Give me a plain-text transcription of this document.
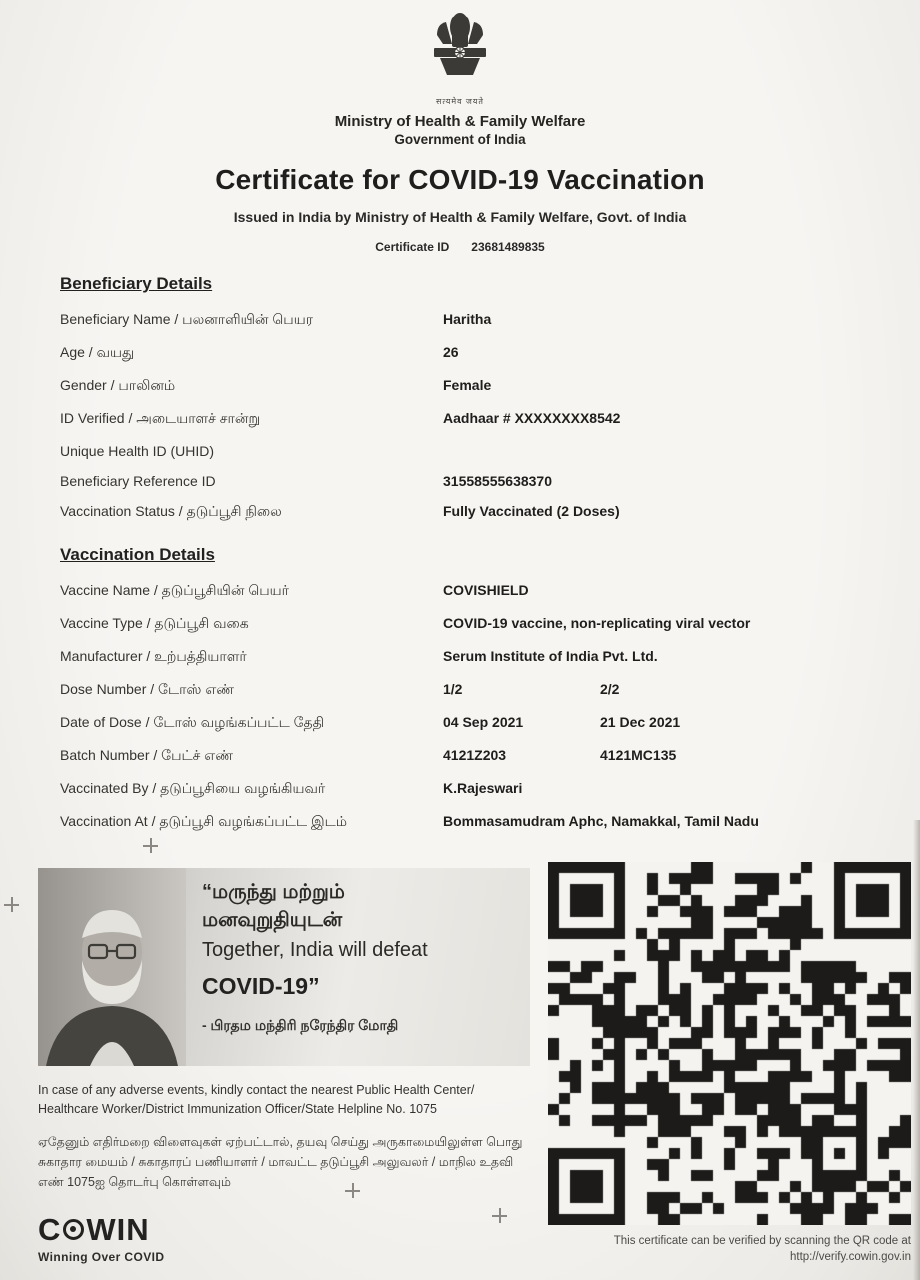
सत्यमेव जयते
Ministry of Health & Family Welfare
Government of India
Certificate for COVID-19 Vaccination
Issued in India by Ministry of Health & Family Welfare, Govt. of India
Certificate ID 23681489835
Beneficiary Details
Beneficiary Name / பலனாளியின் பெயர	Haritha
Age / வயது	26
Gender / பாலினம்	Female
ID Verified / அடையாளச் சான்று	Aadhaar # XXXXXXXX8542
Unique Health ID (UHID)
Beneficiary Reference ID	31558555638370
Vaccination Status / தடுப்பூசி நிலை	Fully Vaccinated (2 Doses)
Vaccination Details
Vaccine Name / தடுப்பூசியின் பெயர்	COVISHIELD
Vaccine Type / தடுப்பூசி வகை	COVID-19 vaccine, non-replicating viral vector
Manufacturer / உற்பத்தியாளர்	Serum Institute of India Pvt. Ltd.
Dose Number / டோஸ் எண்	1/2	2/2
Date of Dose / டோஸ் வழங்கப்பட்ட தேதி	04 Sep 2021	21 Dec 2021
Batch Number / பேட்ச் எண்	4121Z203	4121MC135
Vaccinated By / தடுப்பூசியை வழங்கியவர்	K.Rajeswari
Vaccination At / தடுப்பூசி வழங்கப்பட்ட இடம்	Bommasamudram Aphc, Namakkal, Tamil Nadu
“மருந்து மற்றும்
மனவுறுதியுடன்
Together, India will defeat
COVID-19”
- பிரதம மந்திரி நரேந்திர மோதி

In case of any adverse events, kindly contact the nearest Public Health Center/ Healthcare Worker/District Immunization Officer/State Helpline No. 1075

ஏதேனும் எதிர்மறை விளைவுகள் ஏற்பட்டால், தயவு செய்து அருகாமையிலுள்ள பொது சுகாதார மையம் / சுகாதாரப் பணியாளர் / மாவட்ட தடுப்பூசி அலுவலர் / மாநில உதவி எண் 1075ஐ தொடர்பு கொள்ளவும்

C WIN
Winning Over COVID

This certificate can be verified by scanning the QR code at
http://verify.cowin.gov.in
